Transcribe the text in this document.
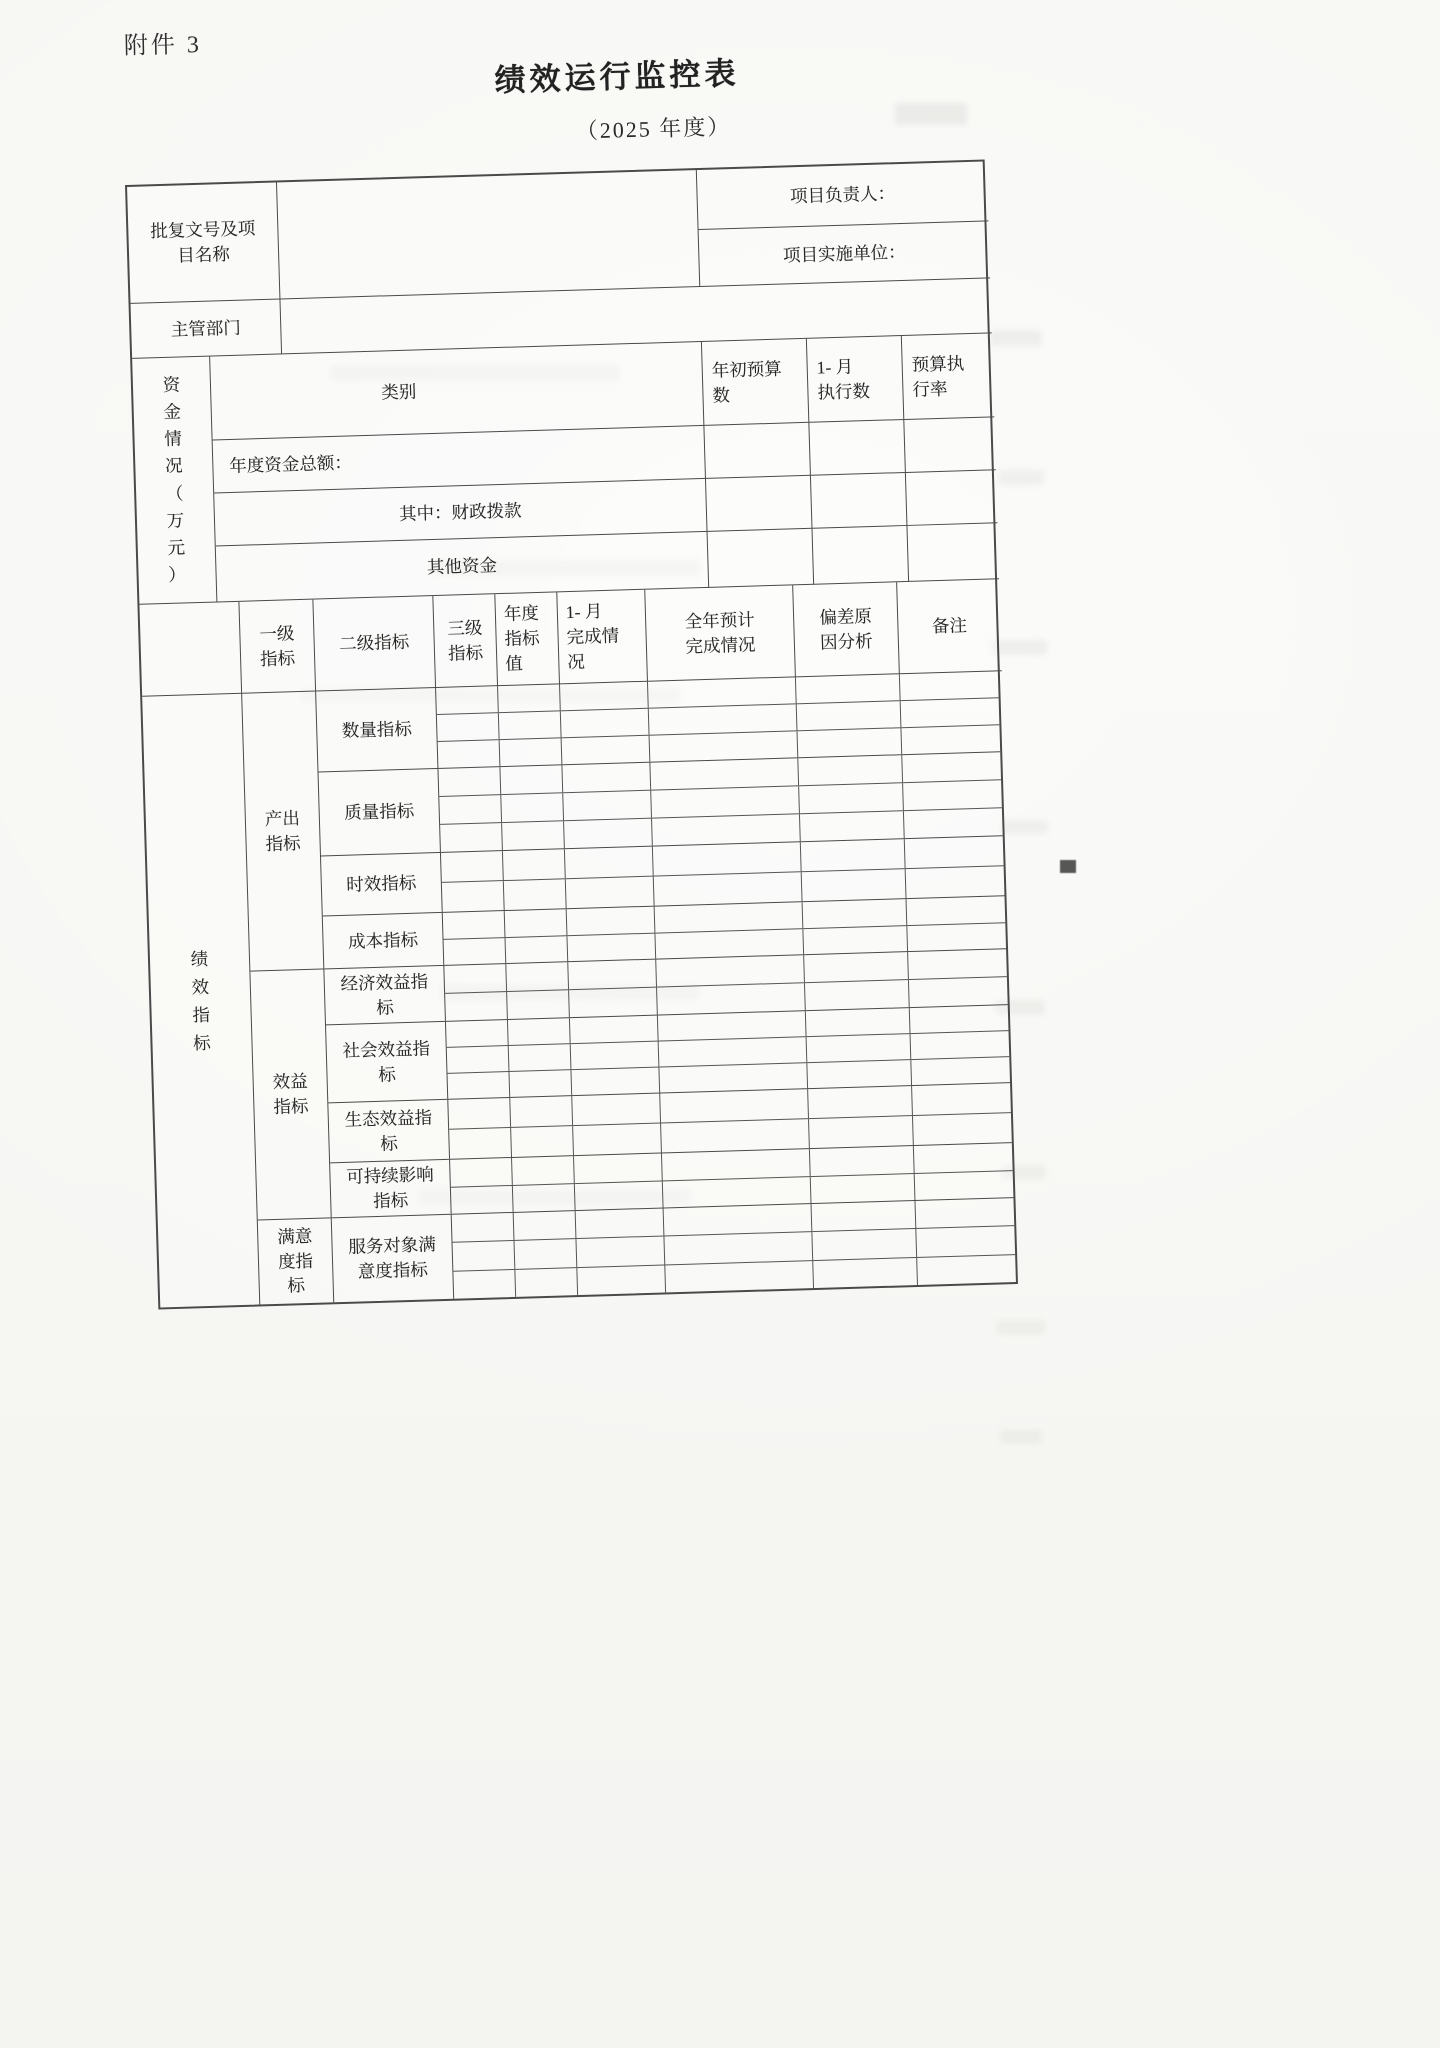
附件 3
绩效运行监控表
（2025 年度）
批复文号及项
目名称
项目负责人：
项目实施单位：
主管部门
资
金
情
况
（
万
元
）
类别
年初预算
数
1- 月
执行数
预算执
行率
年度资金总额：
其中：财政拨款
其他资金
一级
指标
二级指标
三级
指标
年度
指标
值
1- 月
完成情
况
全年预计
完成情况
偏差原
因分析
备注
绩
效
指
标
产出
指标
数量指标
质量指标
时效指标
成本指标
效益
指标
经济效益指
标
社会效益指
标
生态效益指
标
可持续影响
指标
满意
度指
标
服务对象满
意度指标
